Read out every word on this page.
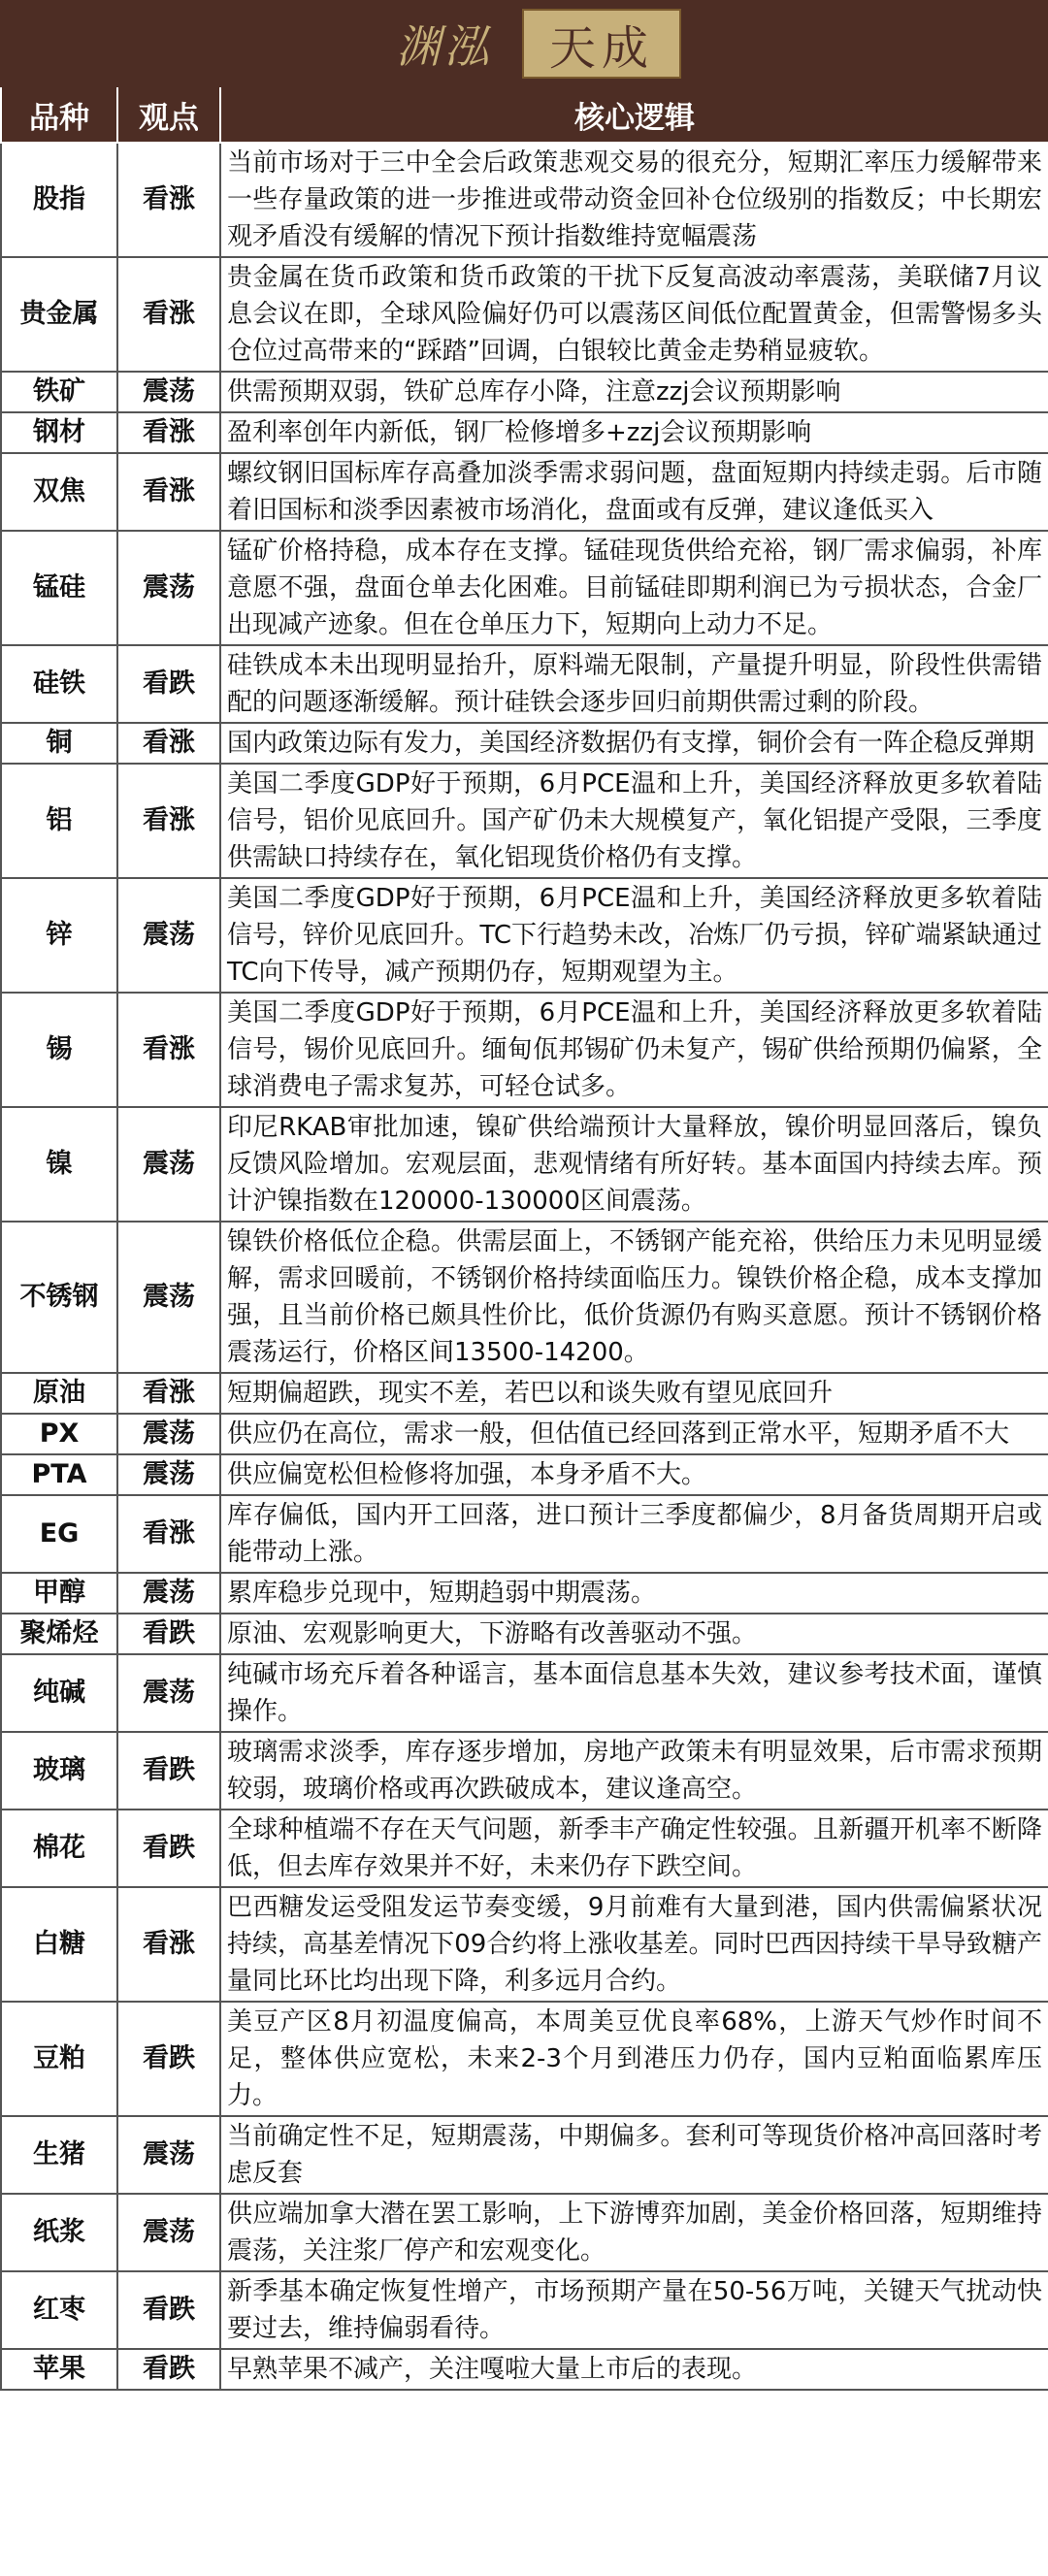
渊泓	天成
品种	观点	核心逻辑
股指	看涨	当前市场对于三中全会后政策悲观交易的很充分，短期汇率压力缓解带来一些存量政策的进一步推进或带动资金回补仓位级别的指数反；中长期宏观矛盾没有缓解的情况下预计指数维持宽幅震荡
贵金属	看涨	贵金属在货币政策和货币政策的干扰下反复高波动率震荡，美联储7月议息会议在即，全球风险偏好仍可以震荡区间低位配置黄金，但需警惕多头仓位过高带来的“踩踏”回调，白银较比黄金走势稍显疲软。
铁矿	震荡	供需预期双弱，铁矿总库存小降，注意zzj会议预期影响
钢材	看涨	盈利率创年内新低，钢厂检修增多+zzj会议预期影响
双焦	看涨	螺纹钢旧国标库存高叠加淡季需求弱问题，盘面短期内持续走弱。后市随着旧国标和淡季因素被市场消化，盘面或有反弹，建议逢低买入
锰硅	震荡	锰矿价格持稳，成本存在支撑。锰硅现货供给充裕，钢厂需求偏弱，补库意愿不强，盘面仓单去化困难。目前锰硅即期利润已为亏损状态，合金厂出现减产迹象。但在仓单压力下，短期向上动力不足。
硅铁	看跌	硅铁成本未出现明显抬升，原料端无限制，产量提升明显，阶段性供需错配的问题逐渐缓解。预计硅铁会逐步回归前期供需过剩的阶段。
铜	看涨	国内政策边际有发力，美国经济数据仍有支撑，铜价会有一阵企稳反弹期
铝	看涨	美国二季度GDP好于预期，6月PCE温和上升，美国经济释放更多软着陆信号，铝价见底回升。国产矿仍未大规模复产，氧化铝提产受限，三季度供需缺口持续存在，氧化铝现货价格仍有支撑。
锌	震荡	美国二季度GDP好于预期，6月PCE温和上升，美国经济释放更多软着陆信号，锌价见底回升。TC下行趋势未改，冶炼厂仍亏损，锌矿端紧缺通过TC向下传导，减产预期仍存，短期观望为主。
锡	看涨	美国二季度GDP好于预期，6月PCE温和上升，美国经济释放更多软着陆信号，锡价见底回升。缅甸佤邦锡矿仍未复产，锡矿供给预期仍偏紧，全球消费电子需求复苏，可轻仓试多。
镍	震荡	印尼RKAB审批加速，镍矿供给端预计大量释放，镍价明显回落后，镍负反馈风险增加。宏观层面，悲观情绪有所好转。基本面国内持续去库。预计沪镍指数在120000-130000区间震荡。
不锈钢	震荡	镍铁价格低位企稳。供需层面上，不锈钢产能充裕，供给压力未见明显缓解，需求回暖前，不锈钢价格持续面临压力。镍铁价格企稳，成本支撑加强，且当前价格已颇具性价比，低价货源仍有购买意愿。预计不锈钢价格震荡运行，价格区间13500-14200。
原油	看涨	短期偏超跌，现实不差，若巴以和谈失败有望见底回升
PX	震荡	供应仍在高位，需求一般，但估值已经回落到正常水平，短期矛盾不大
PTA	震荡	供应偏宽松但检修将加强，本身矛盾不大。
EG	看涨	库存偏低，国内开工回落，进口预计三季度都偏少，8月备货周期开启或能带动上涨。
甲醇	震荡	累库稳步兑现中，短期趋弱中期震荡。
聚烯烃	看跌	原油、宏观影响更大，下游略有改善驱动不强。
纯碱	震荡	纯碱市场充斥着各种谣言，基本面信息基本失效，建议参考技术面，谨慎操作。
玻璃	看跌	玻璃需求淡季，库存逐步增加，房地产政策未有明显效果，后市需求预期较弱，玻璃价格或再次跌破成本，建议逢高空。
棉花	看跌	全球种植端不存在天气问题，新季丰产确定性较强。且新疆开机率不断降低，但去库存效果并不好，未来仍存下跌空间。
白糖	看涨	巴西糖发运受阻发运节奏变缓，9月前难有大量到港，国内供需偏紧状况持续，高基差情况下09合约将上涨收基差。同时巴西因持续干旱导致糖产量同比环比均出现下降，利多远月合约。
豆粕	看跌	美豆产区8月初温度偏高，本周美豆优良率68%，上游天气炒作时间不足，整体供应宽松，未来2-3个月到港压力仍存，国内豆粕面临累库压力。
生猪	震荡	当前确定性不足，短期震荡，中期偏多。套利可等现货价格冲高回落时考虑反套
纸浆	震荡	供应端加拿大潜在罢工影响，上下游博弈加剧，美金价格回落，短期维持震荡，关注浆厂停产和宏观变化。
红枣	看跌	新季基本确定恢复性增产，市场预期产量在50-56万吨，关键天气扰动快要过去，维持偏弱看待。
苹果	看跌	早熟苹果不减产，关注嘎啦大量上市后的表现。
